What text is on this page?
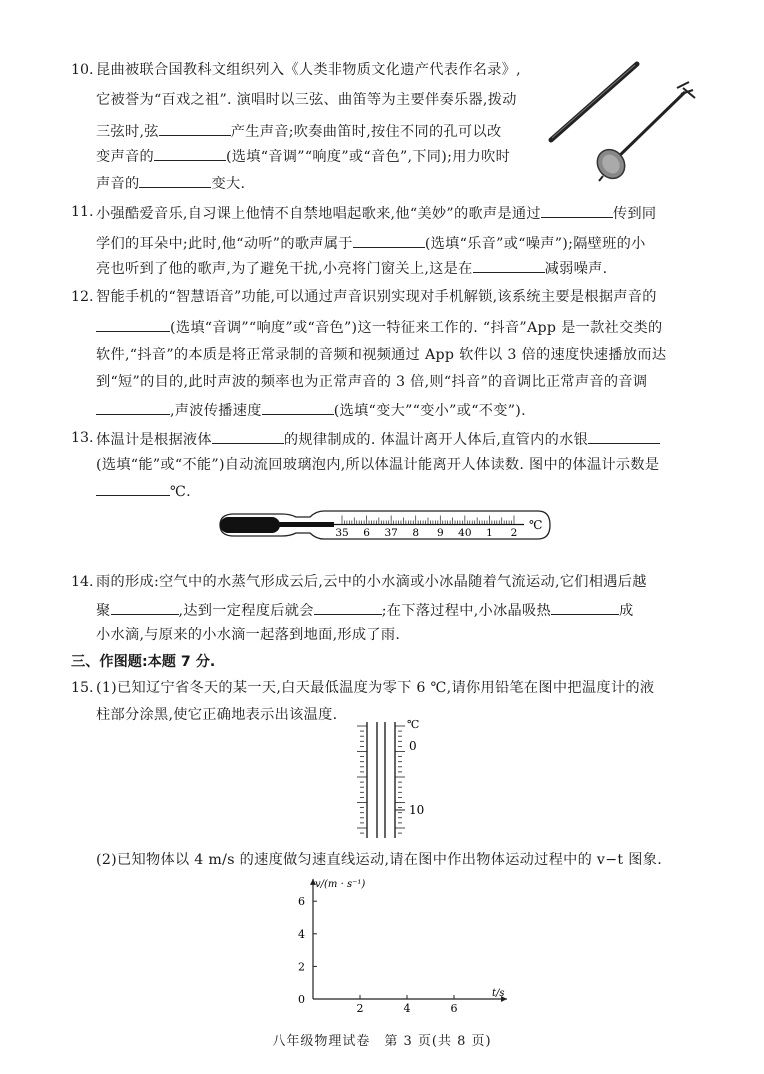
10. 昆曲被联合国教科文组织列入《人类非物质文化遗产代表作名录》,
它被誉为“百戏之祖”. 演唱时以三弦、曲笛等为主要伴奏乐器,拨动
三弦时,弦	产生声音;吹奏曲笛时,按住不同的孔可以改
变声音的	(选填“音调”“响度”或“音色”,下同);用力吹时
声音的	变大.
11. 小强酷爱音乐,自习课上他情不自禁地唱起歌来,他“美妙”的歌声是通过	传到同
学们的耳朵中;此时,他“动听”的歌声属于	(选填“乐音”或“噪声”);隔壁班的小
亮也听到了他的歌声,为了避免干扰,小亮将门窗关上,这是在	减弱噪声.
12. 智能手机的“智慧语音”功能,可以通过声音识别实现对手机解锁,该系统主要是根据声音的
(选填“音调”“响度”或“音色”)这一特征来工作的. “抖音”App 是一款社交类的
软件,“抖音”的本质是将正常录制的音频和视频通过 App 软件以 3 倍的速度快速播放而达
到“短”的目的,此时声波的频率也为正常声音的 3 倍,则“抖音”的音调比正常声音的音调
,声波传播速度	(选填“变大”“变小”或“不变”).
13. 体温计是根据液体	的规律制成的. 体温计离开人体后,直管内的水银
(选填“能”或“不能”)自动流回玻璃泡内,所以体温计能离开人体读数. 图中的体温计示数是
℃.
35 6 37 8 9 40 1 2
℃
14. 雨的形成:空气中的水蒸气形成云后,云中的小水滴或小冰晶随着气流运动,它们相遇后越
聚	,达到一定程度后就会	;在下落过程中,小冰晶吸热	成
小水滴,与原来的小水滴一起落到地面,形成了雨.
三、作图题:本题 7 分.
15. (1)已知辽宁省冬天的某一天,白天最低温度为零下 6 ℃,请你用铅笔在图中把温度计的液
柱部分涂黑,使它正确地表示出该温度.
℃
0
10
(2)已知物体以 4 m/s 的速度做匀速直线运动,请在图中作出物体运动过程中的 v−t 图象.
2	4	6
0
2
4
6
v/(m · s⁻¹)
t/s
八年级物理试卷　第 3 页(共 8 页)
